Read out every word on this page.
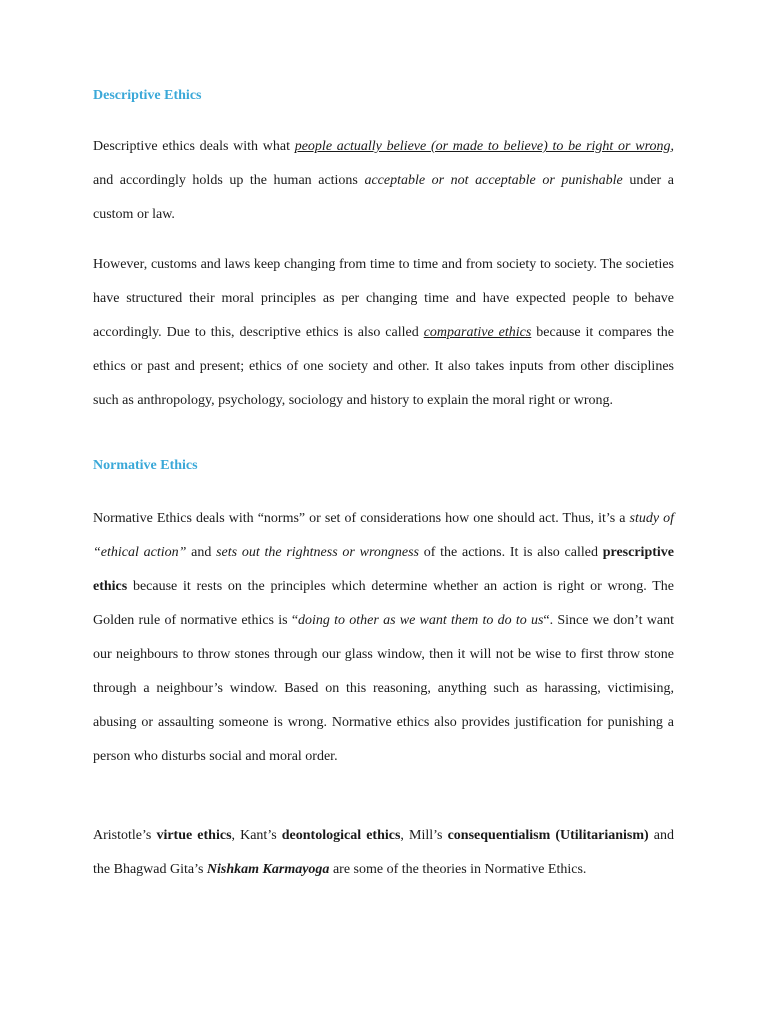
Descriptive Ethics

Descriptive ethics deals with what people actually believe (or made to believe) to be right or wrong, and accordingly holds up the human actions acceptable or not acceptable or punishable under a custom or law.

However, customs and laws keep changing from time to time and from society to society. The societies have structured their moral principles as per changing time and have expected people to behave accordingly. Due to this, descriptive ethics is also called comparative ethics because it compares the ethics or past and present; ethics of one society and other. It also takes inputs from other disciplines such as anthropology, psychology, sociology and history to explain the moral right or wrong.

Normative Ethics

Normative Ethics deals with “norms” or set of considerations how one should act. Thus, it’s a study of “ethical action” and sets out the rightness or wrongness of the actions. It is also called prescriptive ethics because it rests on the principles which determine whether an action is right or wrong. The Golden rule of normative ethics is “doing to other as we want them to do to us“. Since we don’t want our neighbours to throw stones through our glass window, then it will not be wise to first throw stone through a neighbour’s window. Based on this reasoning, anything such as harassing, victimising, abusing or assaulting someone is wrong. Normative ethics also provides justification for punishing a person who disturbs social and moral order.

Aristotle’s virtue ethics, Kant’s deontological ethics, Mill’s consequentialism (Utilitarianism) and the Bhagwad Gita’s Nishkam Karmayoga are some of the theories in Normative Ethics.
